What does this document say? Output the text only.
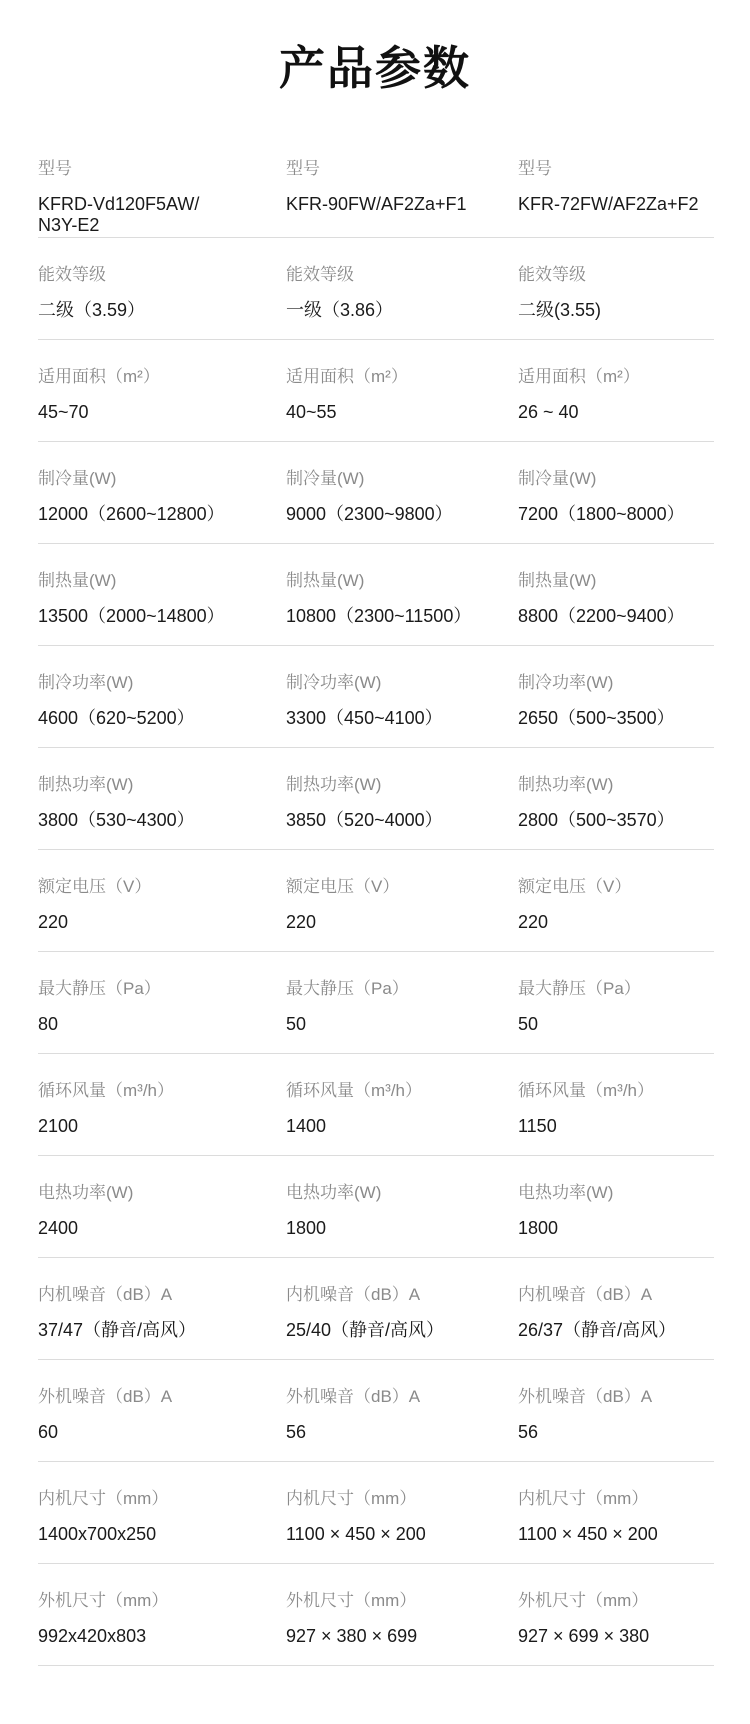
产品参数
型号
KFRD-Vd120F5AW/
N3Y-E2
型号
KFR-90FW/AF2Za+F1
型号
KFR-72FW/AF2Za+F2
能效等级
二级（3.59）
能效等级
一级（3.86）
能效等级
二级(3.55)
适用面积（m²）
45~70
适用面积（m²）
40~55
适用面积（m²）
26 ~ 40
制冷量(W)
12000（2600~12800）
制冷量(W)
9000（2300~9800）
制冷量(W)
7200（1800~8000）
制热量(W)
13500（2000~14800）
制热量(W)
10800（2300~11500）
制热量(W)
8800（2200~9400）
制冷功率(W)
4600（620~5200）
制冷功率(W)
3300（450~4100）
制冷功率(W)
2650（500~3500）
制热功率(W)
3800（530~4300）
制热功率(W)
3850（520~4000）
制热功率(W)
2800（500~3570）
额定电压（V）
220
额定电压（V）
220
额定电压（V）
220
最大静压（Pa）
80
最大静压（Pa）
50
最大静压（Pa）
50
循环风量（m³/h）
2100
循环风量（m³/h）
1400
循环风量（m³/h）
1150
电热功率(W)
2400
电热功率(W)
1800
电热功率(W)
1800
内机噪音（dB）A
37/47（静音/高风）
内机噪音（dB）A
25/40（静音/高风）
内机噪音（dB）A
26/37（静音/高风）
外机噪音（dB）A
60
外机噪音（dB）A
56
外机噪音（dB）A
56
内机尺寸（mm）
1400x700x250
内机尺寸（mm）
1100 × 450 × 200
内机尺寸（mm）
1100 × 450 × 200
外机尺寸（mm）
992x420x803
外机尺寸（mm）
927 × 380 × 699
外机尺寸（mm）
927 × 699 × 380
